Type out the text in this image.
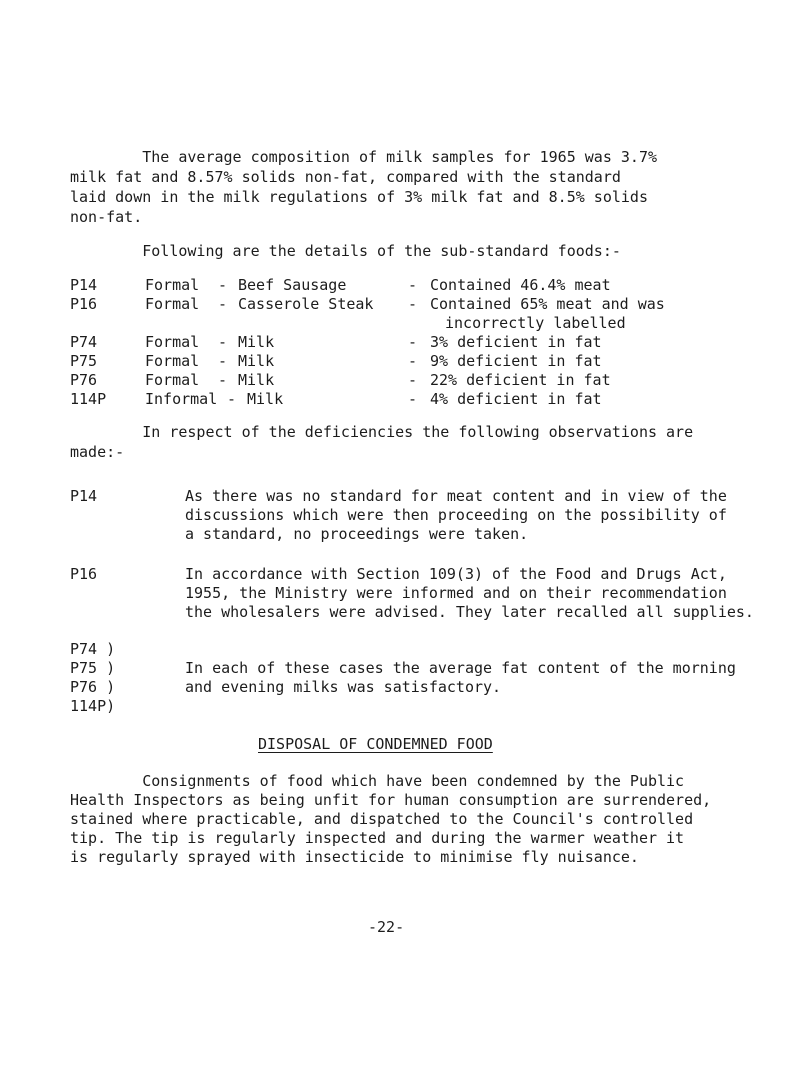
The average composition of milk samples for 1965 was 3.7%
milk fat and 8.57% solids non-fat, compared with the standard
laid down in the milk regulations of 3% milk fat and 8.5% solids
non-fat.
Following are the details of the sub-standard foods:-
P14	Formal - Beef Sausage	- Contained 46.4% meat
P16	Formal - Casserole Steak - Contained 65% meat and was
incorrectly labelled
P74	Formal - Milk	- 3% deficient in fat
P75	Formal - Milk	- 9% deficient in fat
P76	Formal - Milk	- 22% deficient in fat
114P	Informal - Milk	- 4% deficient in fat
In respect of the deficiencies the following observations are
made:-
P14	As there was no standard for meat content and in view of the
discussions which were then proceeding on the possibility of
a standard, no proceedings were taken.
P16	In accordance with Section 109(3) of the Food and Drugs Act,
1955, the Ministry were informed and on their recommendation
the wholesalers were advised. They later recalled all supplies.
P74 )
P75 )
P76 )
114P)
In each of these cases the average fat content of the morning
and evening milks was satisfactory.
DISPOSAL OF CONDEMNED FOOD
Consignments of food which have been condemned by the Public
Health Inspectors as being unfit for human consumption are surrendered,
stained where practicable, and dispatched to the Council's controlled
tip. The tip is regularly inspected and during the warmer weather it
is regularly sprayed with insecticide to minimise fly nuisance.
-22-
